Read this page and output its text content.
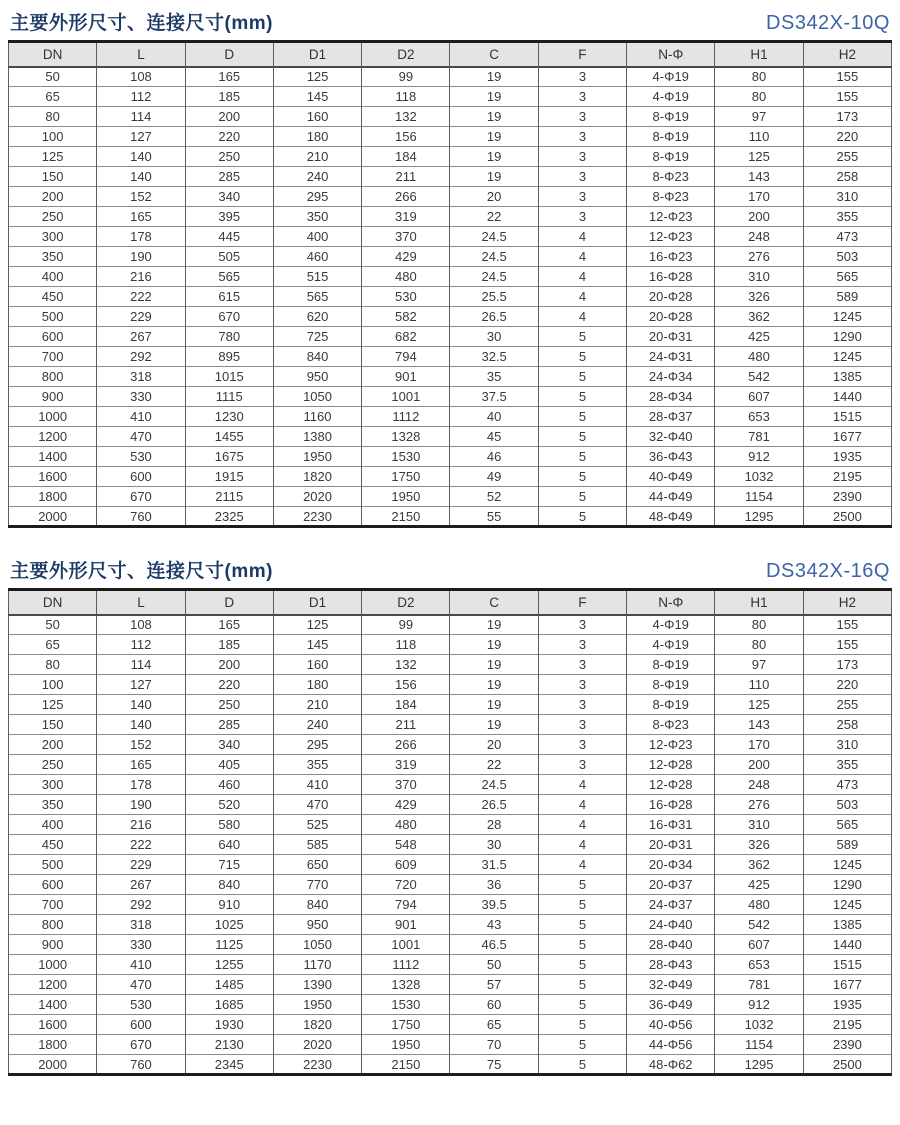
主要外形尺寸、连接尺寸(mm)	DS342X-10Q
DN	L	D	D1	D2	C	F	N-Φ	H1	H2
50	108	165	125	99	19	3	4-Φ19	80	155
65	112	185	145	118	19	3	4-Φ19	80	155
80	114	200	160	132	19	3	8-Φ19	97	173
100	127	220	180	156	19	3	8-Φ19	110	220
125	140	250	210	184	19	3	8-Φ19	125	255
150	140	285	240	211	19	3	8-Φ23	143	258
200	152	340	295	266	20	3	8-Φ23	170	310
250	165	395	350	319	22	3	12-Φ23	200	355
300	178	445	400	370	24.5	4	12-Φ23	248	473
350	190	505	460	429	24.5	4	16-Φ23	276	503
400	216	565	515	480	24.5	4	16-Φ28	310	565
450	222	615	565	530	25.5	4	20-Φ28	326	589
500	229	670	620	582	26.5	4	20-Φ28	362	1245
600	267	780	725	682	30	5	20-Φ31	425	1290
700	292	895	840	794	32.5	5	24-Φ31	480	1245
800	318	1015	950	901	35	5	24-Φ34	542	1385
900	330	1115	1050	1001	37.5	5	28-Φ34	607	1440
1000	410	1230	1160	1112	40	5	28-Φ37	653	1515
1200	470	1455	1380	1328	45	5	32-Φ40	781	1677
1400	530	1675	1950	1530	46	5	36-Φ43	912	1935
1600	600	1915	1820	1750	49	5	40-Φ49	1032	2195
1800	670	2115	2020	1950	52	5	44-Φ49	1154	2390
2000	760	2325	2230	2150	55	5	48-Φ49	1295	2500
主要外形尺寸、连接尺寸(mm)	DS342X-16Q
DN	L	D	D1	D2	C	F	N-Φ	H1	H2
50	108	165	125	99	19	3	4-Φ19	80	155
65	112	185	145	118	19	3	4-Φ19	80	155
80	114	200	160	132	19	3	8-Φ19	97	173
100	127	220	180	156	19	3	8-Φ19	110	220
125	140	250	210	184	19	3	8-Φ19	125	255
150	140	285	240	211	19	3	8-Φ23	143	258
200	152	340	295	266	20	3	12-Φ23	170	310
250	165	405	355	319	22	3	12-Φ28	200	355
300	178	460	410	370	24.5	4	12-Φ28	248	473
350	190	520	470	429	26.5	4	16-Φ28	276	503
400	216	580	525	480	28	4	16-Φ31	310	565
450	222	640	585	548	30	4	20-Φ31	326	589
500	229	715	650	609	31.5	4	20-Φ34	362	1245
600	267	840	770	720	36	5	20-Φ37	425	1290
700	292	910	840	794	39.5	5	24-Φ37	480	1245
800	318	1025	950	901	43	5	24-Φ40	542	1385
900	330	1125	1050	1001	46.5	5	28-Φ40	607	1440
1000	410	1255	1170	1112	50	5	28-Φ43	653	1515
1200	470	1485	1390	1328	57	5	32-Φ49	781	1677
1400	530	1685	1950	1530	60	5	36-Φ49	912	1935
1600	600	1930	1820	1750	65	5	40-Φ56	1032	2195
1800	670	2130	2020	1950	70	5	44-Φ56	1154	2390
2000	760	2345	2230	2150	75	5	48-Φ62	1295	2500
